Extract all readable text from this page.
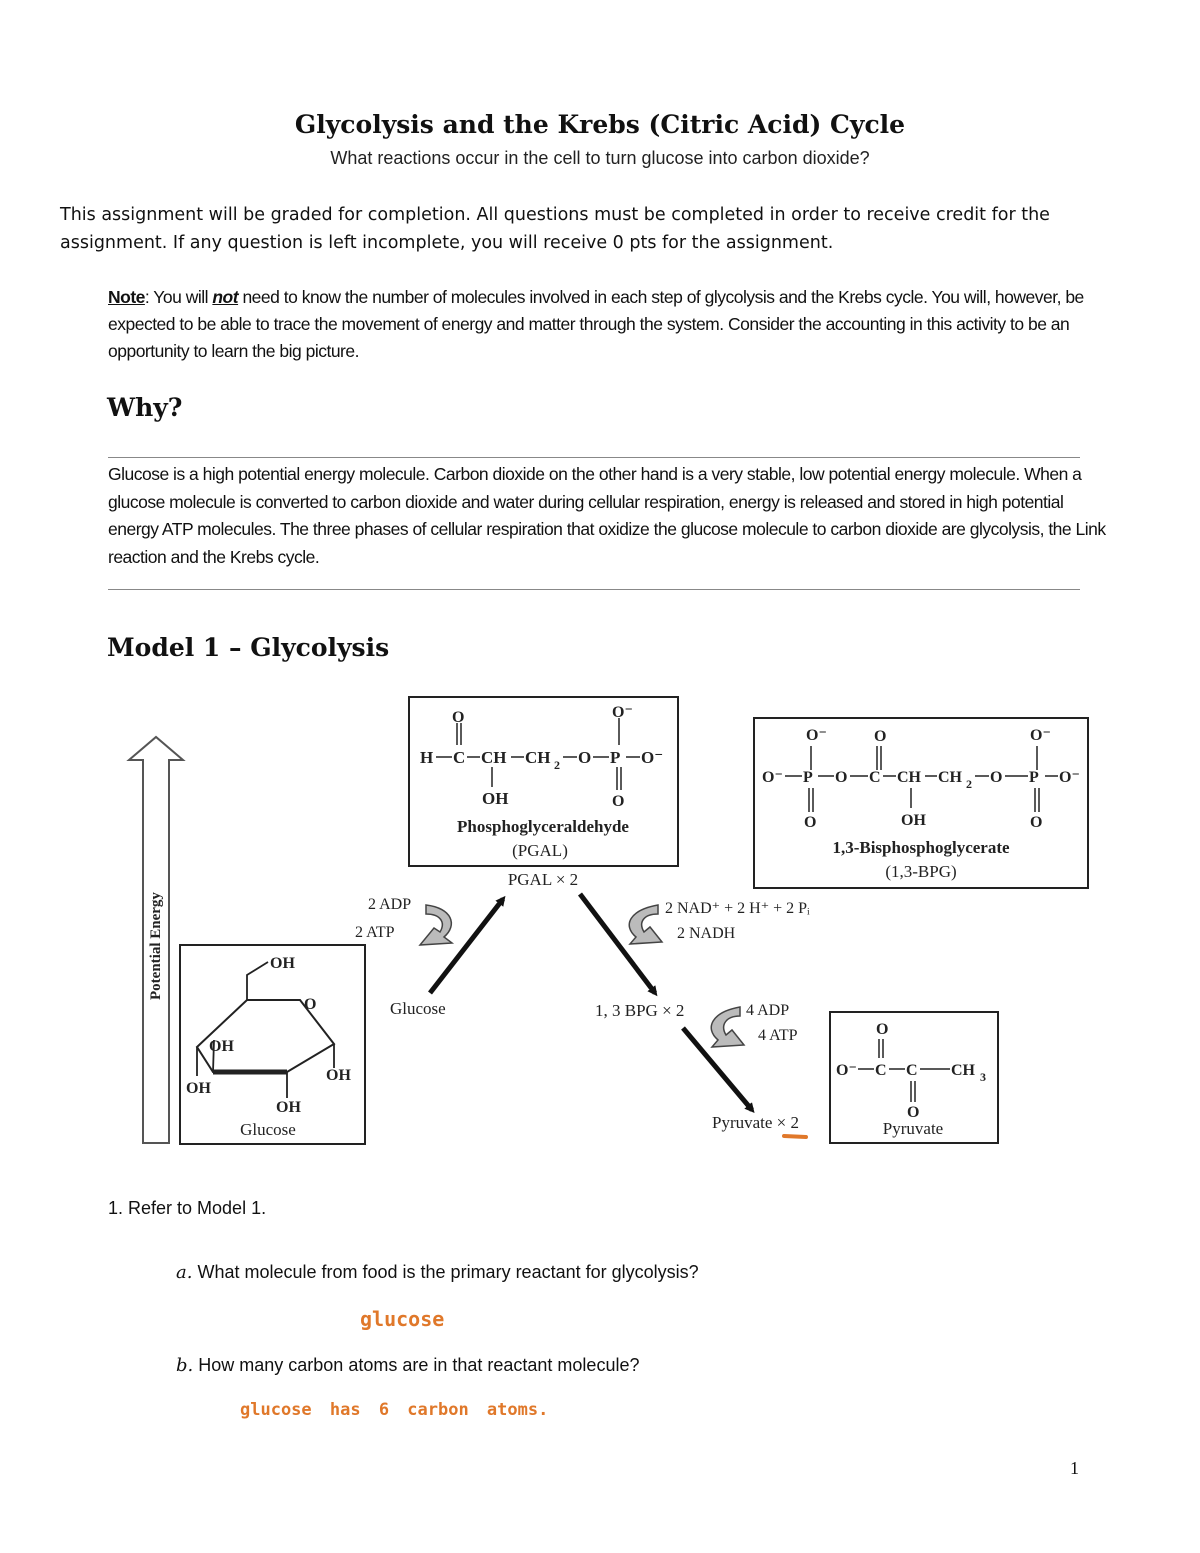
Glycolysis and the Krebs (Citric Acid) Cycle
What reactions occur in the cell to turn glucose into carbon dioxide?
This assignment will be graded for completion. All questions must be completed in order to receive credit for the assignment. If any question is left incomplete, you will receive 0 pts for the assignment.
Note: You will not need to know the number of molecules involved in each step of glycolysis and the Krebs cycle. You will, however, be expected to be able to trace the movement of energy and matter through the system. Consider the accounting in this activity to be an opportunity to learn the big picture.
Why?
Glucose is a high potential energy molecule. Carbon dioxide on the other hand is a very stable, low potential energy molecule. When a glucose molecule is converted to carbon dioxide and water during cellular respiration, energy is released and stored in high potential energy ATP molecules. The three phases of cellular respiration that oxidize the glucose molecule to carbon dioxide are glycolysis, the Link reaction and the Krebs cycle.
Model 1 – Glycolysis
Potential Energy
O	O⁻
H C CH CH 2 O P O⁻
OH	O
Phosphoglyceraldehyde
(PGAL)
PGAL × 2
O⁻	O	O⁻
O⁻ P O C CH CH 2 O P O⁻
O	OH	O
1,3-Bisphosphoglycerate
(1,3-BPG)
OH
O
OH
OH
OH
OH
Glucose
O
O⁻ C C CH 3
O
Pyruvate
2 ADP
2 ATP
2 NAD⁺ + 2 H⁺ + 2 Pᵢ
2 NADH
4 ADP
4 ATP
Glucose	1, 3 BPG × 2
Pyruvate × 2
1. Refer to Model 1.
a. What molecule from food is the primary reactant for glycolysis?
glucose
b. How many carbon atoms are in that reactant molecule?
glucose has 6 carbon atoms.
1
